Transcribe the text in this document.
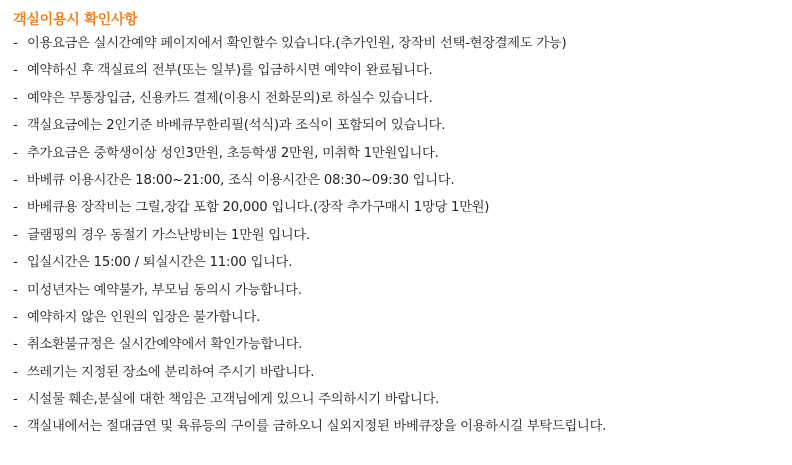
객실이용시 확인사항
- 이용요금은 실시간예약 페이지에서 확인할수 있습니다.(추가인원, 장작비 선택-현장결제도 가능)
- 예약하신 후 객실료의 전부(또는 일부)를 입금하시면 예약이 완료됩니다.
- 예약은 무통장입금, 신용카드 결제(이용시 전화문의)로 하실수 있습니다.
- 객실요금에는 2인기준 바베큐무한리필(석식)과 조식이 포함되어 있습니다.
- 추가요금은 중학생이상 성인3만원, 초등학생 2만원, 미취학 1만원입니다.
- 바베큐 이용시간은 18:00~21:00, 조식 이용시간은 08:30~09:30 입니다.
- 바베큐용 장작비는 그릴,장갑 포함 20,000 입니다.(장작 추가구매시 1망당 1만원)
- 글램핑의 경우 동절기 가스난방비는 1만원 입니다.
- 입실시간은 15:00 / 퇴실시간은 11:00 입니다.
- 미성년자는 예약불가, 부모님 동의시 가능합니다.
- 예약하지 않은 인원의 입장은 불가합니다.
- 취소환불규정은 실시간예약에서 확인가능합니다.
- 쓰레기는 지정된 장소에 분리하여 주시기 바랍니다.
- 시설물 훼손,분실에 대한 책임은 고객님에게 있으니 주의하시기 바랍니다.
- 객실내에서는 절대금연 및 육류등의 구이를 금하오니 실외지정된 바베큐장을 이용하시길 부탁드립니다.
